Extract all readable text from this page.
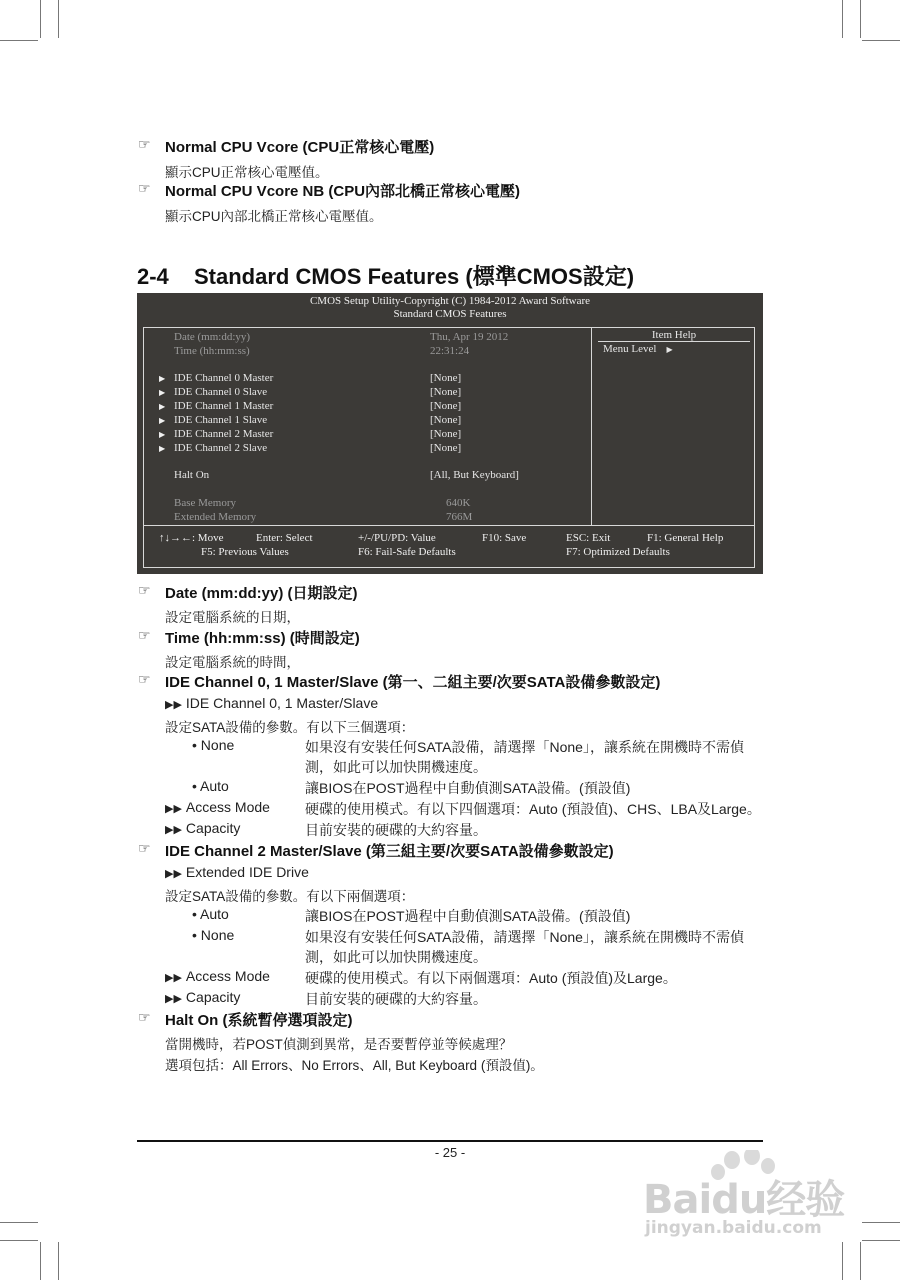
☞ Normal CPU Vcore (CPU正常核心電壓)
顯示CPU正常核心電壓值。
☞ Normal CPU Vcore NB (CPU內部北橋正常核心電壓)
顯示CPU內部北橋正常核心電壓值。
2-4 Standard CMOS Features (標準CMOS設定)
CMOS Setup Utility-Copyright (C) 1984-2012 Award Software
Standard CMOS Features
Date (mm:dd:yy)	Thu, Apr 19 2012
Time (hh:mm:ss)	22:31:24
▶ IDE Channel 0 Master	[None]
▶ IDE Channel 0 Slave	[None]
▶ IDE Channel 1 Master	[None]
▶ IDE Channel 1 Slave	[None]
▶ IDE Channel 2 Master	[None]
▶ IDE Channel 2 Slave	[None]
Halt On	[All, But Keyboard]
Base Memory	640K
Extended Memory	766M
Item Help
Menu Level ▶
↑↓→←: Move	Enter: Select	+/-/PU/PD: Value	F10: Save	ESC: Exit	F1: General Help
F5: Previous Values	F6: Fail-Safe Defaults	F7: Optimized Defaults
☞ Date (mm:dd:yy) (日期設定)
設定電腦系統的日期，
☞ Time (hh:mm:ss) (時間設定)
設定電腦系統的時間，
☞ IDE Channel 0, 1 Master/Slave (第一、二組主要/次要SATA設備參數設定)
▶▶ IDE Channel 0, 1 Master/Slave
設定SATA設備的參數。有以下三個選項：
• None	如果沒有安裝任何SATA設備，請選擇「None」，讓系統在開機時不需偵
測，如此可以加快開機速度。
• Auto	讓BIOS在POST過程中自動偵測SATA設備。(預設值)
▶▶ Access Mode	硬碟的使用模式。有以下四個選項：Auto (預設值)、CHS、LBA及Large。
▶▶ Capacity	目前安裝的硬碟的大約容量。
☞ IDE Channel 2 Master/Slave (第三組主要/次要SATA設備參數設定)
▶▶ Extended IDE Drive
設定SATA設備的參數。有以下兩個選項：
• Auto	讓BIOS在POST過程中自動偵測SATA設備。(預設值)
• None	如果沒有安裝任何SATA設備，請選擇「None」，讓系統在開機時不需偵
測，如此可以加快開機速度。
▶▶ Access Mode	硬碟的使用模式。有以下兩個選項：Auto (預設值)及Large。
▶▶ Capacity	目前安裝的硬碟的大約容量。
☞ Halt On (系統暫停選項設定)
當開機時，若POST偵測到異常，是否要暫停並等候處理？
選項包括：All Errors、No Errors、All, But Keyboard (預設值)。
- 25 -
Baidu经验
jingyan.baidu.com
